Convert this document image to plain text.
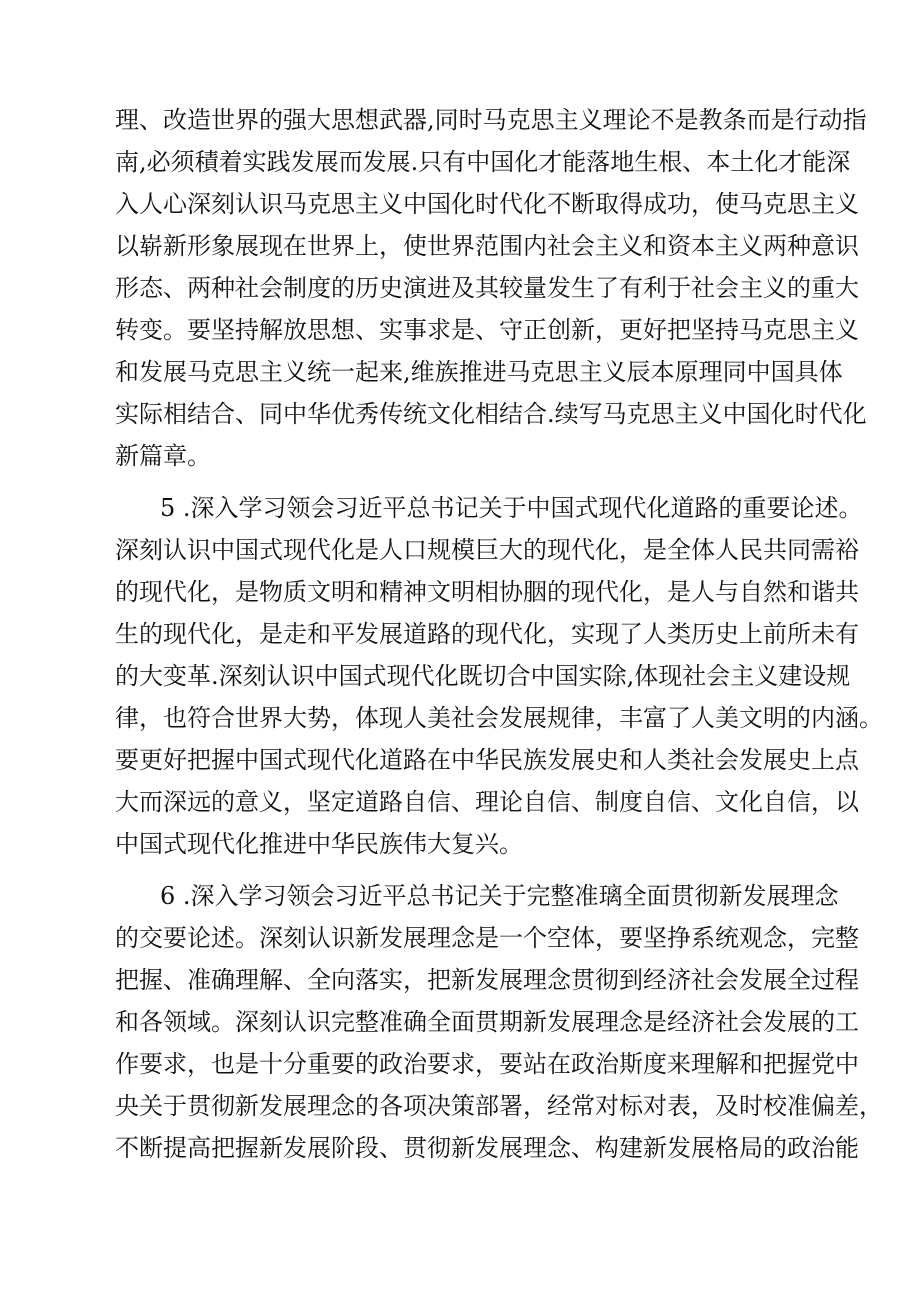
理、改造世界的强大思想武器,同时马克思主义理论不是教条而是行动指
南,必须積着实践发展而发展.只有中国化才能落地生根、本土化才能深
入人心深刻认识马克思主义中国化时代化不断取得成功，使马克思主义
以崭新形象展现在世界上，使世界范围内社会主义和资本主义两种意识
形态、两种社会制度的历史演进及其较量发生了有利于社会主义的重大
转变。要坚持解放思想、实事求是、守正创新，更好把坚持马克思主义
和发展马克思主义统一起来,维族推进马克思主义辰本原理同中国具体
实际相结合、同中华优秀传统文化相结合.续写马克思主义中国化时代化
新篇章。
5 .深入学习领会习近平总书记关于中国式现代化道路的重要论述。
深刻认识中国式现代化是人口规模巨大的现代化，是全体人民共同需裕
的现代化，是物质文明和精神文明相协胭的现代化，是人与自然和谐共
生的现代化，是走和平发展道路的现代化，实现了人类历史上前所未有
的大变革.深刻认识中国式现代化既切合中国实除,体现社会主义建设规
律，也符合世界大势，体现人美社会发展规律，丰富了人美文明的内涵。
要更好把握中国式现代化道路在中华民族发展史和人类社会发展史上点
大而深远的意义，坚定道路自信、理论自信、制度自信、文化自信，以
中国式现代化推进中华民族伟大复兴。
6 .深入学习领会习近平总书记关于完整准璃全面贯彻新发展理念
的交要论述。深刻认识新发展理念是一个空体，要坚挣系统观念，完整
把握、准确理解、全向落实，把新发展理念贯彻到经济社会发展全过程
和各领域。深刻认识完整准确全面贯期新发展理念是经济社会发展的工
作要求，也是十分重要的政治要求，要站在政治斯度来理解和把握党中
央关于贯彻新发展理念的各项决策部署，经常对标对表，及时校准偏差，
不断提高把握新发展阶段、贯彻新发展理念、构建新发展格局的政治能
